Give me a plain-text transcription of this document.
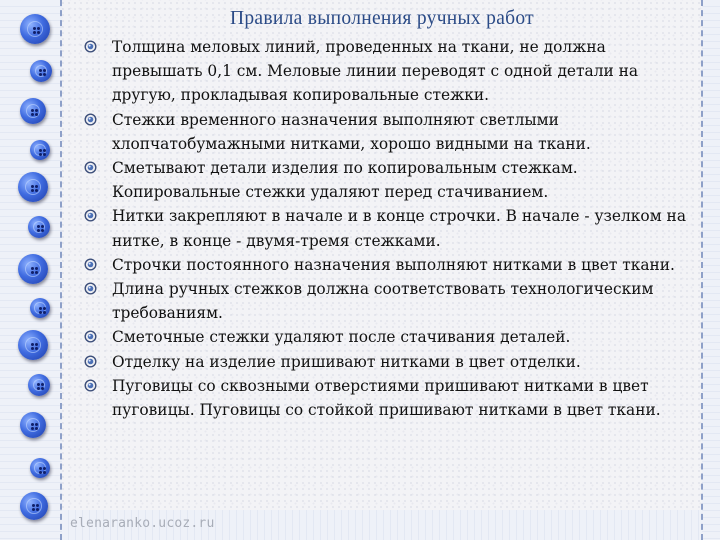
Правила выполнения ручных работ
Толщина меловых линий, проведенных на ткани, не должна превышать 0,1 см. Меловые линии переводят с одной детали на другую, прокладывая копировальные стежки.
Стежки временного назначения выполняют светлыми хлопчатобумажными нитками, хорошо видными на ткани.
Сметывают детали изделия по копировальным стежкам. Копировальные стежки удаляют перед стачиванием.
Нитки закрепляют в начале и в конце строчки. В начале - узелком на нитке, в конце - двумя-тремя стежками.
Строчки постоянного назначения выполняют нитками в цвет ткани.
Длина ручных стежков должна соответствовать технологическим требованиям.
Сметочные стежки удаляют после стачивания деталей.
Отделку на изделие пришивают нитками в цвет отделки.
Пуговицы со сквозными отверстиями пришивают нитками в цвет пуговицы. Пуговицы со стойкой пришивают нитками в цвет ткани.
elenaranko.ucoz.ru
